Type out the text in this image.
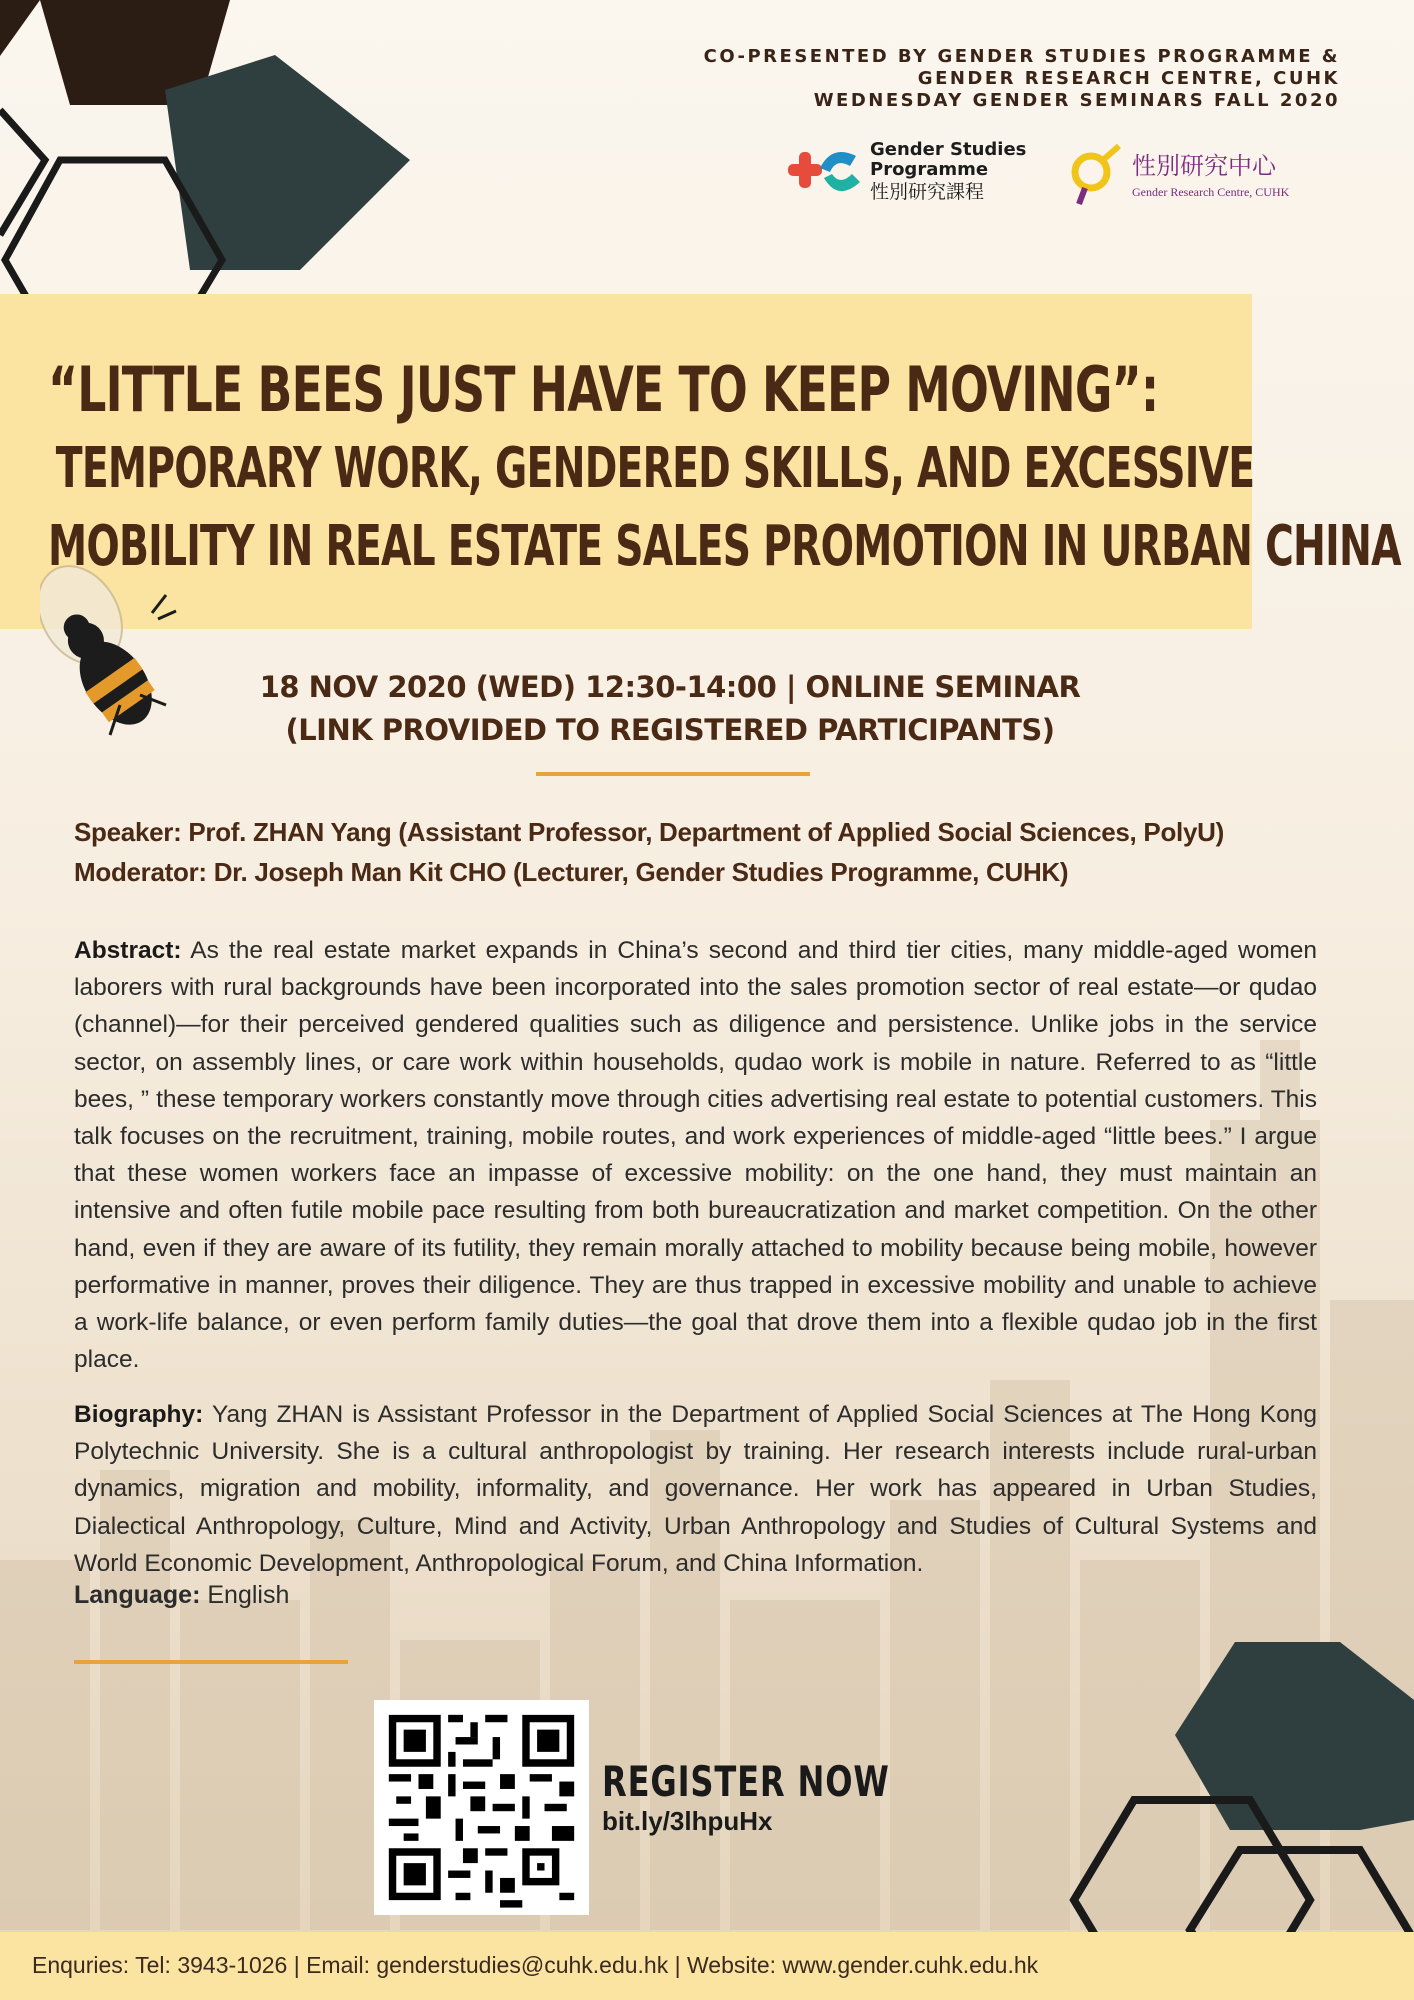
CO-PRESENTED BY GENDER STUDIES PROGRAMME &
GENDER RESEARCH CENTRE, CUHK
WEDNESDAY GENDER SEMINARS FALL 2020
Gender Studies
Programme
性別研究課程
性別研究中心
Gender Research Centre, CUHK
“LITTLE BEES JUST HAVE TO KEEP MOVING”:
TEMPORARY WORK, GENDERED SKILLS, AND EXCESSIVE
MOBILITY IN REAL ESTATE SALES PROMOTION IN URBAN CHINA
18 NOV 2020 (WED) 12:30-14:00 | ONLINE SEMINAR
(LINK PROVIDED TO REGISTERED PARTICIPANTS)
Speaker: Prof. ZHAN Yang (Assistant Professor, Department of Applied Social Sciences, PolyU)
Moderator: Dr. Joseph Man Kit CHO (Lecturer, Gender Studies Programme, CUHK)
Abstract: As the real estate market expands in China’s second and third tier cities, many middle-aged women laborers with rural backgrounds have been incorporated into the sales promotion sector of real estate—or qudao (channel)—for their perceived gendered qualities such as diligence and persistence. Unlike jobs in the service sector, on assembly lines, or care work within households, qudao work is mobile in nature. Referred to as “little bees, ” these temporary workers constantly move through cities advertising real estate to potential customers. This talk focuses on the recruitment, training, mobile routes, and work experiences of middle-aged “little bees.” I argue that these women workers face an impasse of excessive mobility: on the one hand, they must maintain an intensive and often futile mobile pace resulting from both bureaucratization and market competition. On the other hand, even if they are aware of its futility, they remain morally attached to mobility because being mobile, however performative in manner, proves their diligence. They are thus trapped in excessive mobility and unable to achieve a work-life balance, or even perform family duties—the goal that drove them into a flexible qudao job in the first place.
Biography: Yang ZHAN is Assistant Professor in the Department of Applied Social Sciences at The Hong Kong Polytechnic University. She is a cultural anthropologist by training. Her research interests include rural-urban dynamics, migration and mobility, informality, and governance. Her work has appeared in Urban Studies, Dialectical Anthropology, Culture, Mind and Activity, Urban Anthropology and Studies of Cultural Systems and World Economic Development, Anthropological Forum, and China Information.
Language: English
REGISTER NOW
bit.ly/3lhpuHx
Enquries: Tel: 3943-1026 | Email: genderstudies@cuhk.edu.hk | Website: www.gender.cuhk.edu.hk
